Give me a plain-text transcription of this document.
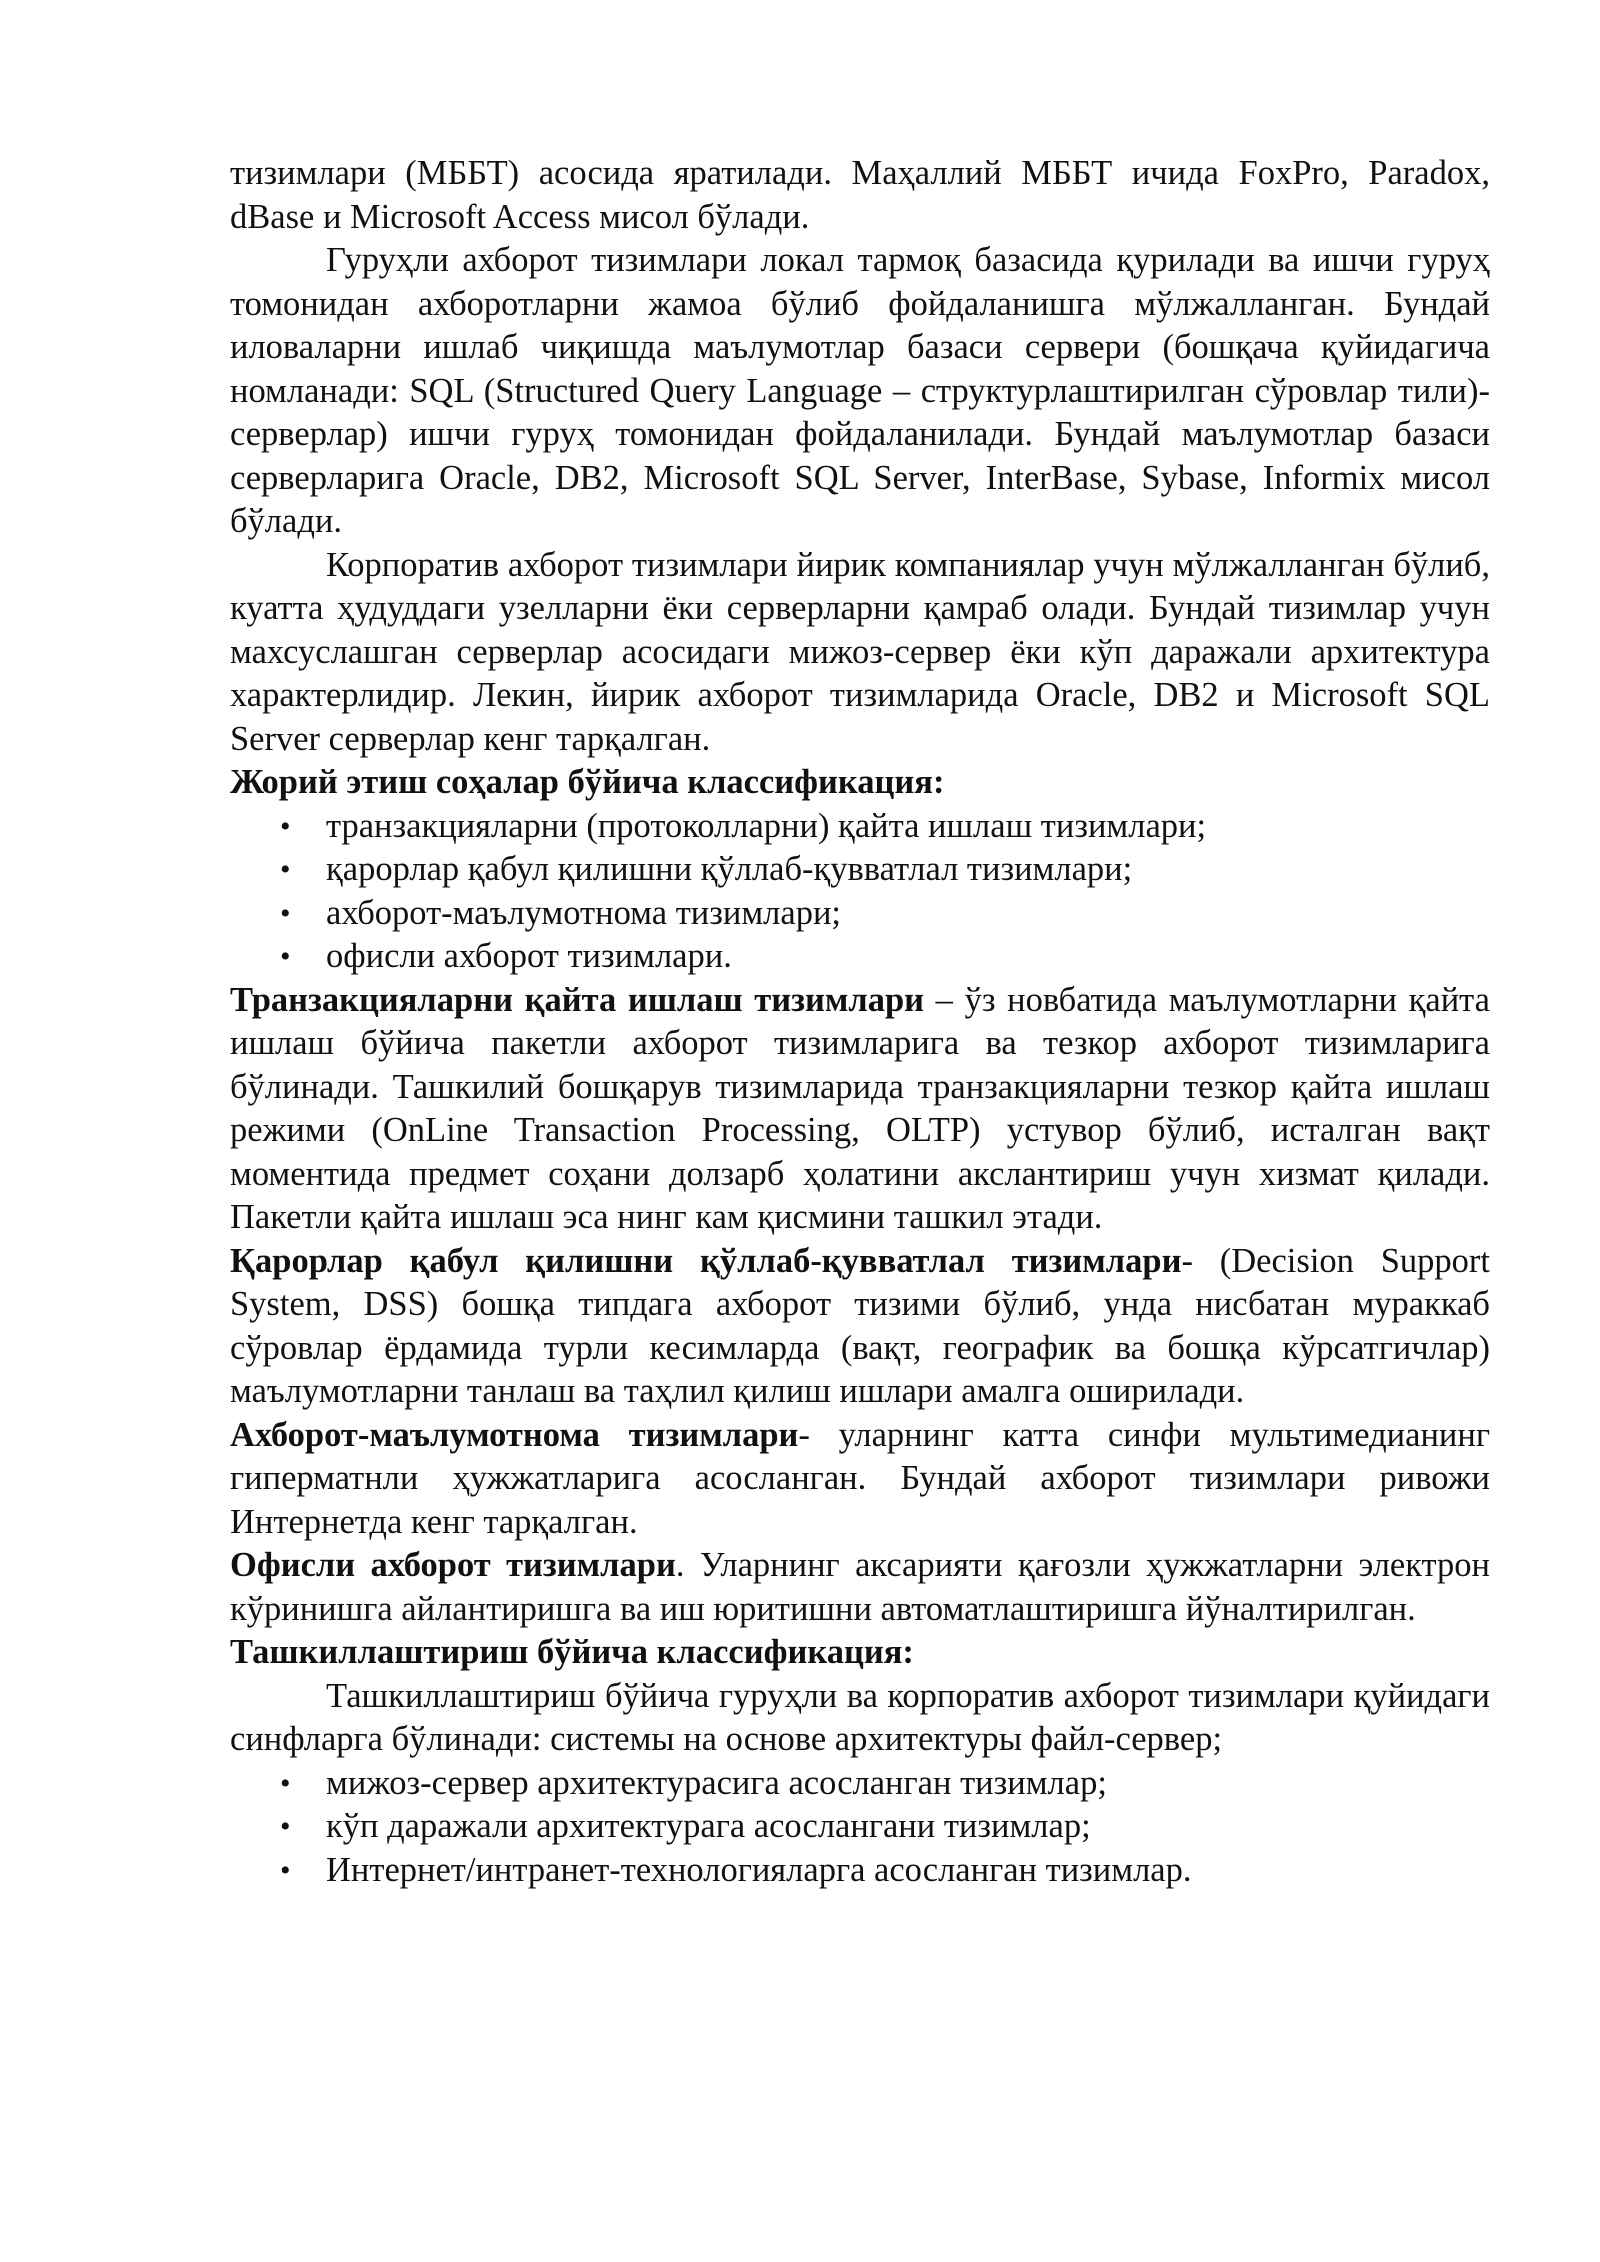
тизимлари (МББТ) асосида яратилади. Маҳаллий МББТ ичида FoxPro, Paradox, dBase и Microsoft Access мисол бўлади.

Гуруҳли ахборот тизимлари локал тармоқ базасида қурилади ва ишчи гуруҳ томонидан ахборотларни жамоа бўлиб фойдаланишга мўлжалланган. Бундай иловаларни ишлаб чиқишда маълумотлар базаси сервери (бошқача қуйидагича номланади: SQL (Structured Query Language – структурлаштирилган сўровлар тили)-серверлар) ишчи гуруҳ томонидан фойдаланилади. Бундай маълумотлар базаси серверларига Oracle, DB2, Microsoft SQL Server, InterBase, Sybase, Informix мисол бўлади.

Корпоратив ахборот тизимлари йирик компаниялар учун мўлжалланган бўлиб, куатта ҳудуддаги узелларни ёки серверларни қамраб олади. Бундай тизимлар учун махсуслашган серверлар асосидаги мижоз-сервер ёки кўп даражали архитектура характерлидир. Лекин, йирик ахборот тизимларида Oracle, DB2 и Microsoft SQL Server серверлар кенг тарқалган.

Жорий этиш соҳалар бўйича классификация:

• транзакцияларни (протоколларни) қайта ишлаш тизимлари;
• қарорлар қабул қилишни қўллаб-қувватлал тизимлари;
• ахборот-маълумотнома тизимлари;
• офисли ахборот тизимлари.

Транзакцияларни қайта ишлаш тизимлари – ўз новбатида маълумотларни қайта ишлаш бўйича пакетли ахборот тизимларига ва тезкор ахборот тизимларига бўлинади. Ташкилий бошқарув тизимларида транзакцияларни тезкор қайта ишлаш режими (OnLine Transaction Processing, OLTP) устувор бўлиб, исталган вақт моментида предмет соҳани долзарб ҳолатини акслантириш учун хизмат қилади. Пакетли қайта ишлаш эса нинг кам қисмини ташкил этади.

Қарорлар қабул қилишни қўллаб-қувватлал тизимлари- (Decision Support System, DSS) бошқа типдага ахборот тизими бўлиб, унда нисбатан мураккаб сўровлар ёрдамида турли кесимларда (вақт, географик ва бошқа кўрсатгичлар) маълумотларни танлаш ва таҳлил қилиш ишлари амалга оширилади.

Ахборот-маълумотнома тизимлари- уларнинг катта синфи мультимедианинг гиперматнли ҳужжатларига асосланган. Бундай ахборот тизимлари ривожи Интернетда кенг тарқалган.

Офисли ахборот тизимлари. Уларнинг аксарияти қағозли ҳужжатларни электрон кўринишга айлантиришга ва иш юритишни автоматлаштиришга йўналтирилган.

Ташкиллаштириш бўйича классификация:

Ташкиллаштириш бўйича гуруҳли ва корпоратив ахборот тизимлари қуйидаги синфларга бўлинади: системы на основе архитектуры файл-сервер;

• мижоз-сервер архитектурасига асосланган тизимлар;
• кўп даражали архитектурага асослангани тизимлар;
• Интернет/интранет-технологияларга асосланган тизимлар.
